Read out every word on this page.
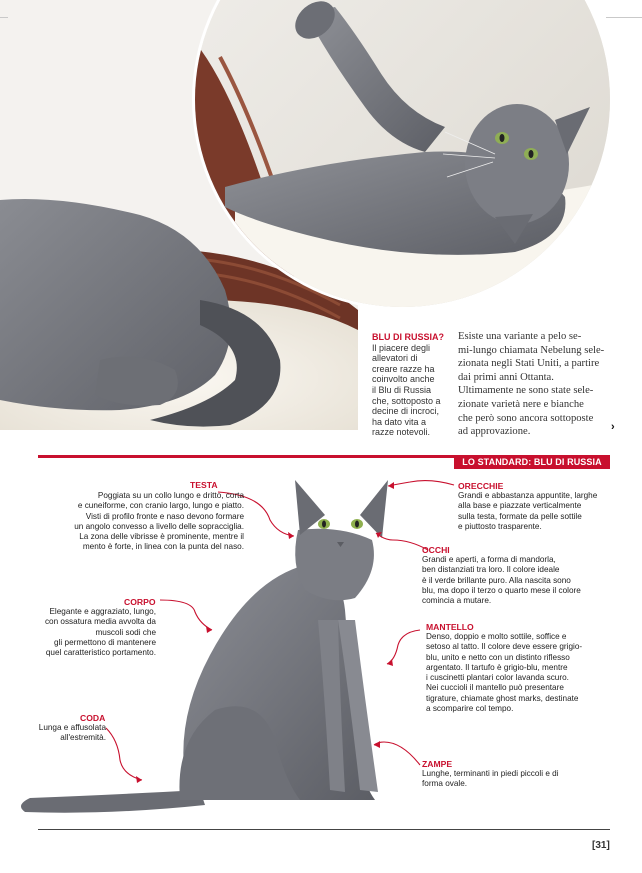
BLU DI RUSSIA?
Il piacere degli
allevatori di
creare razze ha
coinvolto anche
il Blu di Russia
che, sottoposto a
decine di incroci,
ha dato vita a
razze notevoli.

Esiste una variante a pelo se-

mi-lungo chiamata Nebelung sele-

zionata negli Stati Uniti, a partire

dai primi anni Ottanta.

Ultimamente ne sono state sele-

zionate varietà nere e bianche

che però sono ancora sottoposte

ad approvazione.	›
LO STANDARD: BLU DI RUSSIA
TESTA
Poggiata su un collo lungo e dritto, corta
e cuneiforme, con cranio largo, lungo e piatto.
Visti di profilo fronte e naso devono formare
un angolo convesso a livello delle sopracciglia.
La zona delle vibrisse è prominente, mentre il
mento è forte, in linea con la punta del naso.
CORPO
Elegante e aggraziato, lungo,
con ossatura media avvolta da
muscoli sodi che
gli permettono di mantenere
quel caratteristico portamento.
CODA
Lunga e affusolata
all'estremità.
ORECCHIE
Grandi e abbastanza appuntite, larghe
alla base e piazzate verticalmente
sulla testa, formate da pelle sottile
e piuttosto trasparente.
OCCHI
Grandi e aperti, a forma di mandorla,
ben distanziati tra loro. Il colore ideale
è il verde brillante puro. Alla nascita sono
blu, ma dopo il terzo o quarto mese il colore
comincia a mutare.
MANTELLO
Denso, doppio e molto sottile, soffice e
setoso al tatto. Il colore deve essere grigio-
blu, unito e netto con un distinto riflesso
argentato. Il tartufo è grigio-blu, mentre
i cuscinetti plantari color lavanda scuro.
Nei cuccioli il mantello può presentare
tigrature, chiamate ghost marks, destinate
a scomparire col tempo.
ZAMPE
Lunghe, terminanti in piedi piccoli e di
forma ovale.
[31]
